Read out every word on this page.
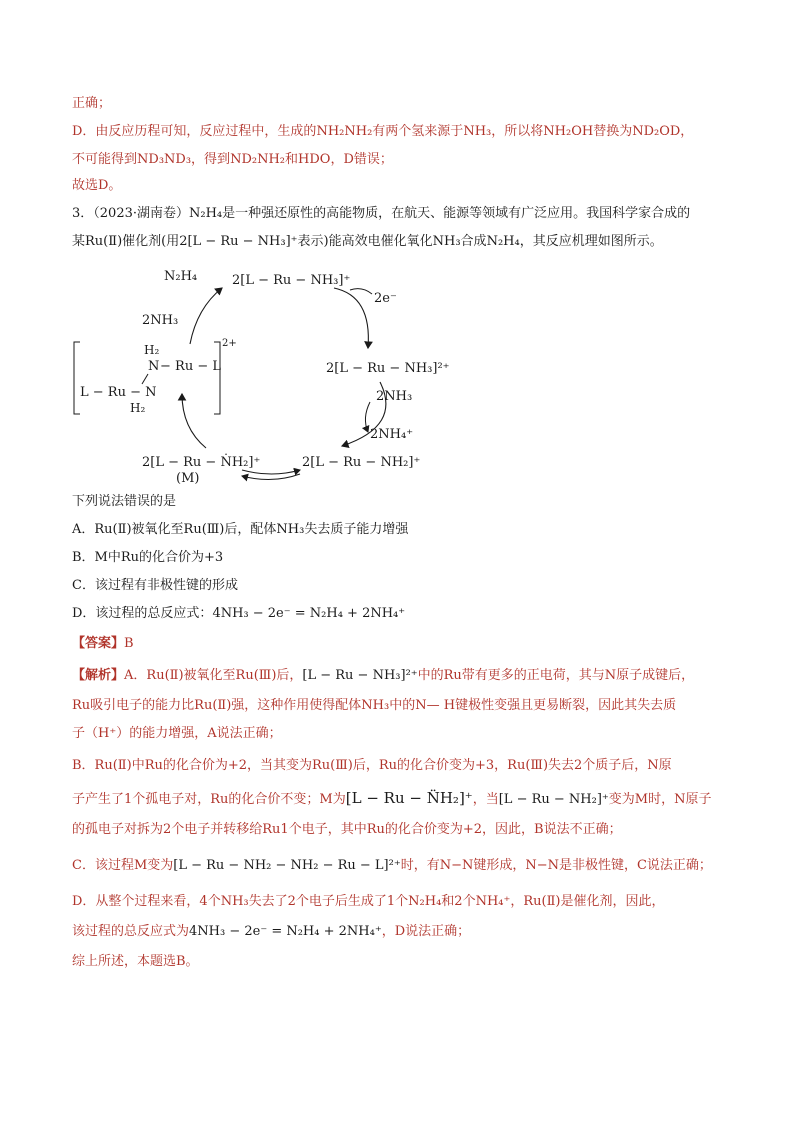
正确；
D．由反应历程可知，反应过程中，生成的NH₂NH₂有两个氢来源于NH₃，所以将NH₂OH替换为ND₂OD，
不可能得到ND₃ND₃，得到ND₂NH₂和HDO，D错误；
故选D。
3．（2023·湖南卷）N₂H₄是一种强还原性的高能物质，在航天、能源等领域有广泛应用。我国科学家合成的
某Ru(Ⅱ)催化剂(用2[L − Ru − NH₃]⁺表示)能高效电催化氧化NH₃合成N₂H₄，其反应机理如图所示。
N₂H₄	2[L − Ru − NH₃]⁺
2NH₃
2e⁻
2[L − Ru − NH₃]²⁺
2NH₃
2NH₄⁺
2[L − Ru − NH₂]⁺
2[L − Ru − ṄH₂]⁺
(M)
2+
H₂
N − Ru − L
L − Ru − N
H₂
下列说法错误的是
A．Ru(Ⅱ)被氧化至Ru(Ⅲ)后，配体NH₃失去质子能力增强
B．M中Ru的化合价为+3
C．该过程有非极性键的形成
D．该过程的总反应式：4NH₃ − 2e⁻ = N₂H₄ + 2NH₄⁺
【答案】B
【解析】A．Ru(Ⅱ)被氧化至Ru(Ⅲ)后，[L − Ru − NH₃]²⁺中的Ru带有更多的正电荷，其与N原子成键后，
Ru吸引电子的能力比Ru(Ⅱ)强，这种作用使得配体NH₃中的N— H键极性变强且更易断裂，因此其失去质
子（H⁺）的能力增强，A说法正确；
B．Ru(Ⅱ)中Ru的化合价为+2，当其变为Ru(Ⅲ)后，Ru的化合价变为+3，Ru(Ⅲ)失去2个质子后，N原
子产生了1个孤电子对，Ru的化合价不变；M为[L − Ru − N̈H₂]⁺，当[L − Ru − NH₂]⁺变为M时，N原子
的孤电子对拆为2个电子并转移给Ru1个电子，其中Ru的化合价变为+2，因此，B说法不正确；
C．该过程M变为[L − Ru − NH₂ − NH₂ − Ru − L]²⁺时，有N−N键形成，N−N是非极性键，C说法正确；
D．从整个过程来看，4个NH₃失去了2个电子后生成了1个N₂H₄和2个NH₄⁺，Ru(Ⅱ)是催化剂，因此，
该过程的总反应式为4NH₃ − 2e⁻ = N₂H₄ + 2NH₄⁺，D说法正确；
综上所述，本题选B。
